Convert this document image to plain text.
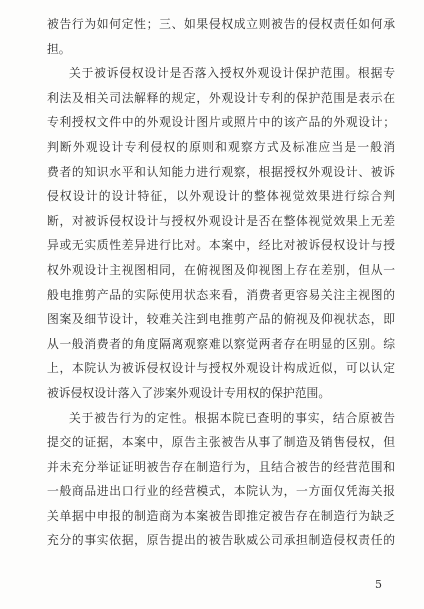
被告行为如何定性；三、如果侵权成立则被告的侵权责任如何承
担。
关于被诉侵权设计是否落入授权外观设计保护范围。根据专
利法及相关司法解释的规定，外观设计专利的保护范围是表示在
专利授权文件中的外观设计图片或照片中的该产品的外观设计；
判断外观设计专利侵权的原则和观察方式及标准应当是一般消
费者的知识水平和认知能力进行观察，根据授权外观设计、被诉
侵权设计的设计特征，以外观设计的整体视觉效果进行综合判
断，对被诉侵权设计与授权外观设计是否在整体视觉效果上无差
异或无实质性差异进行比对。本案中，经比对被诉侵权设计与授
权外观设计主视图相同，在俯视图及仰视图上存在差别，但从一
般电推剪产品的实际使用状态来看，消费者更容易关注主视图的
图案及细节设计，较难关注到电推剪产品的俯视及仰视状态，即
从一般消费者的角度隔离观察难以察觉两者存在明显的区别。综
上，本院认为被诉侵权设计与授权外观设计构成近似，可以认定
被诉侵权设计落入了涉案外观设计专用权的保护范围。
关于被告行为的定性。根据本院已查明的事实，结合原被告
提交的证据，本案中，原告主张被告从事了制造及销售侵权，但
并未充分举证证明被告存在制造行为，且结合被告的经营范围和
一般商品进出口行业的经营模式，本院认为，一方面仅凭海关报
关单据中申报的制造商为本案被告即推定被告存在制造行为缺乏
充分的事实依据，原告提出的被告耿威公司承担制造侵权责任的
5
